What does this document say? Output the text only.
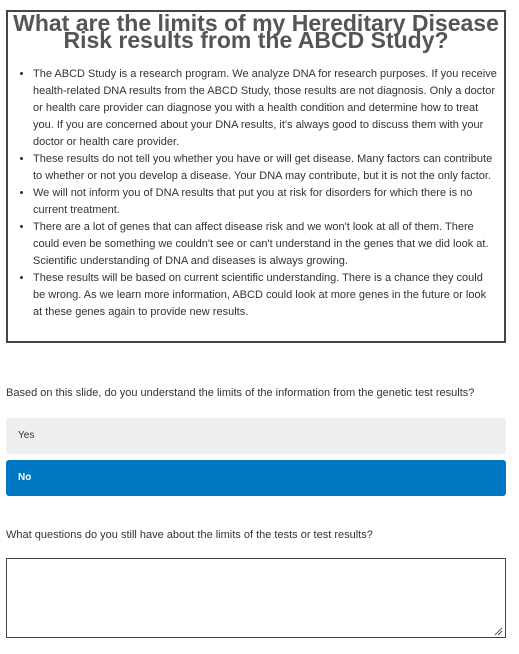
What are the limits of my Hereditary Disease Risk results from the ABCD Study?
• The ABCD Study is a research program. We analyze DNA for research purposes. If you receive health-related DNA results from the ABCD Study, those results are not diagnosis. Only a doctor or health care provider can diagnose you with a health condition and determine how to treat you. If you are concerned about your DNA results, it's always good to discuss them with your doctor or health care provider.
• These results do not tell you whether you have or will get disease. Many factors can contribute to whether or not you develop a disease. Your DNA may contribute, but it is not the only factor.
• We will not inform you of DNA results that put you at risk for disorders for which there is no current treatment.
• There are a lot of genes that can affect disease risk and we won't look at all of them. There could even be something we couldn't see or can't understand in the genes that we did look at. Scientific understanding of DNA and diseases is always growing.
• These results will be based on current scientific understanding. There is a chance they could be wrong. As we learn more information, ABCD could look at more genes in the future or look at these genes again to provide new results.

Based on this slide, do you understand the limits of the information from the genetic test results?

Yes
No

What questions do you still have about the limits of the tests or test results?
